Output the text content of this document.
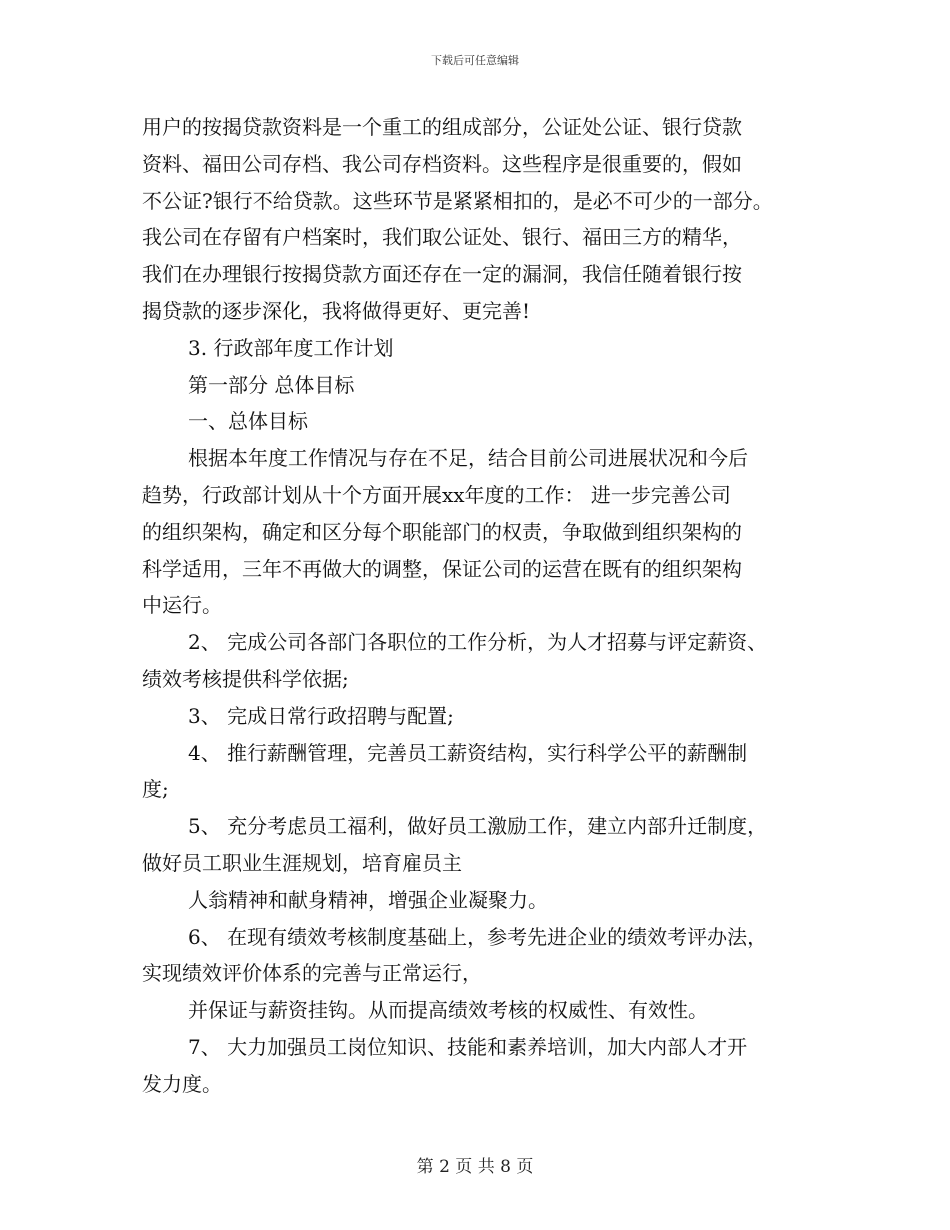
下载后可任意编辑
用户的按揭贷款资料是一个重工的组成部分，公证处公证、银行贷款
资料、福田公司存档、我公司存档资料。这些程序是很重要的，假如
不公证?银行不给贷款。这些环节是紧紧相扣的，是必不可少的一部分。
我公司在存留有户档案时，我们取公证处、银行、福田三方的精华，
我们在办理银行按揭贷款方面还存在一定的漏洞，我信任随着银行按
揭贷款的逐步深化，我将做得更好、更完善!
3. 行政部年度工作计划
第一部分 总体目标
一、总体目标
根据本年度工作情况与存在不足，结合目前公司进展状况和今后
趋势，行政部计划从十个方面开展xx年度的工作： 进一步完善公司
的组织架构，确定和区分每个职能部门的权责，争取做到组织架构的
科学适用，三年不再做大的调整，保证公司的运营在既有的组织架构
中运行。
2、 完成公司各部门各职位的工作分析，为人才招募与评定薪资、
绩效考核提供科学依据;
3、 完成日常行政招聘与配置;
4、 推行薪酬管理，完善员工薪资结构，实行科学公平的薪酬制
度;
5、 充分考虑员工福利，做好员工激励工作，建立内部升迁制度，
做好员工职业生涯规划，培育雇员主
人翁精神和献身精神，增强企业凝聚力。
6、 在现有绩效考核制度基础上，参考先进企业的绩效考评办法，
实现绩效评价体系的完善与正常运行，
并保证与薪资挂钩。从而提高绩效考核的权威性、有效性。
7、 大力加强员工岗位知识、技能和素养培训，加大内部人才开
发力度。
第 2 页 共 8 页
